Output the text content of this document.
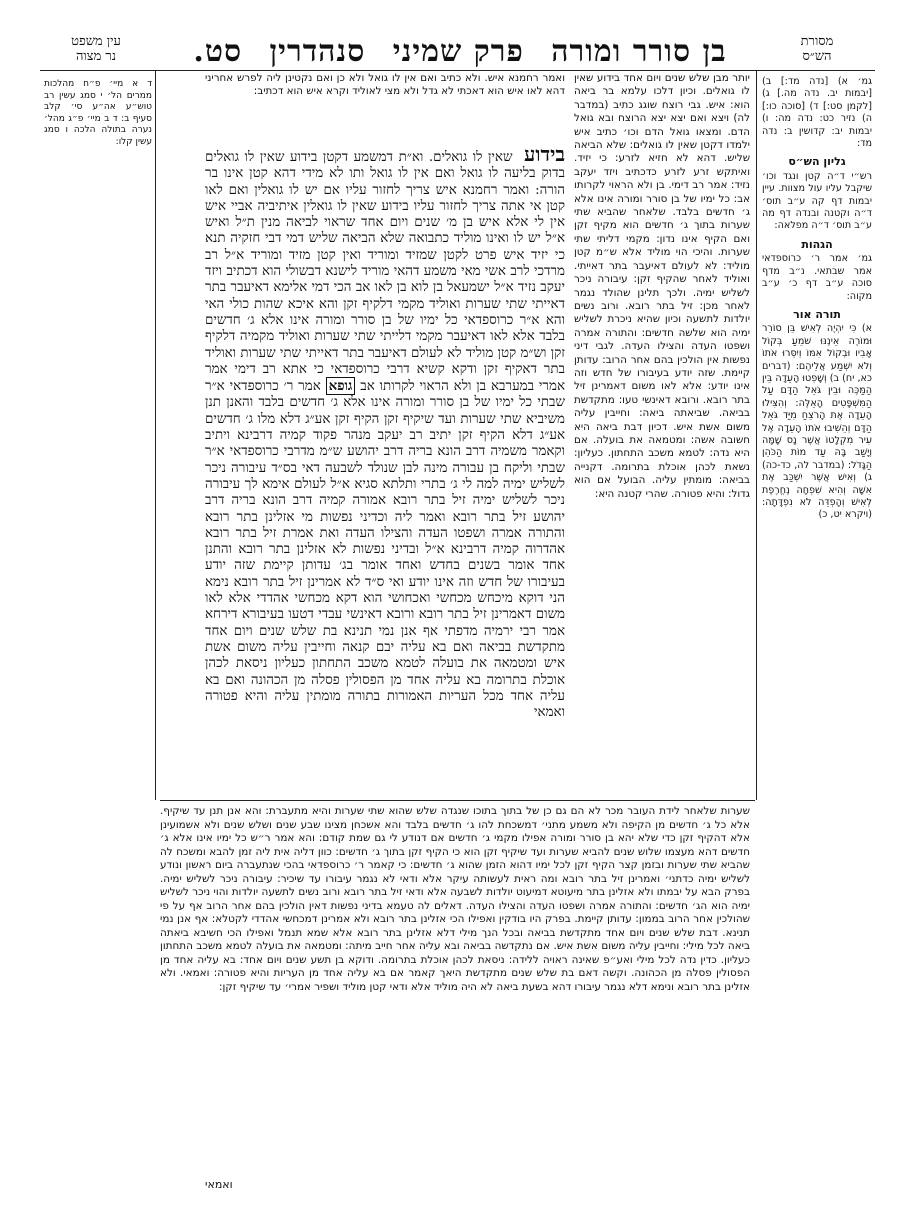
מסורת
הש״ס
בן סורר ומורה פרק שמיני סנהדרין סט.
עין משפט
נר מצוה

ד א מיי׳ פ״ח מהלכות ממרים הל׳ י סמג עשין רב טוש״ע אה״ע סי׳ קלב סעיף ב: ד ב מיי׳ פ״ג מהל׳ נערה בתולה הלכה ו סמג עשין קלו:

גמ׳ א) [נדה מד:] ב) [יבמות יב. נדה מה.] ג) [לקמן סט:] ד) [סוכה כו:] ה) נזיר כט: נדה מה: ו) יבמות יב: קדושין ב: נדה מד:

גליון הש״ס

רש״י ד״ה קטן ונגד וכו׳ שיקבל עליו עול מצוות. עיין יבמות דף קה ע״ב תוס׳ ד״ה וקטנה ובנדה דף מה ע״ב תוס׳ ד״ה מפלאה:

הגהות

גמ׳ אמר ר׳ כרוספדאי אמר שבתאי. נ״ב מדף סוכה ע״ב דף כ׳ ע״ב מקוה:

תורה אור

א) כִּי יִהְיֶה לְאִישׁ בֵּן סוֹרֵר וּמוֹרֶה אֵינֶנּוּ שֹׁמֵעַ בְּקוֹל אָבִיו וּבְקוֹל אִמּוֹ וְיִסְּרוּ אֹתוֹ וְלֹא יִשְׁמַע אֲלֵיהֶם: (דברים כא, יח) ב) וְשָׁפְטוּ הָעֵדָה בֵּין הַמַּכֶּה וּבֵין גֹּאֵל הַדָּם עַל הַמִּשְׁפָּטִים הָאֵלֶּה: וְהִצִּילוּ הָעֵדָה אֶת הָרֹצֵחַ מִיַּד גֹּאֵל הַדָּם וְהֵשִׁיבוּ אֹתוֹ הָעֵדָה אֶל עִיר מִקְלָטוֹ אֲשֶׁר נָס שָׁמָּה וְיָשַׁב בָּהּ עַד מוֹת הַכֹּהֵן הַגָּדֹל: (במדבר לה, כד-כה) ג) וְאִישׁ אֲשֶׁר יִשְׁכַּב אֶת אִשָּׁה וְהִיא שִׁפְחָה נֶחֱרֶפֶת לְאִישׁ וְהָפְדֵּה לֹא נִפְדָּתָה: (ויקרא יט, כ)

יותר מבן שלש שנים ויום אחד בידוע שאין לו גואלים. וכיון דלכו עלמא בר ביאה הוא: איש. גבי רוצח שוגג כתיב (במדבר לה) ויצא ואם יצא יצא הרוצח ובא גואל הדם. ומצאו גואל הדם וכו׳ כתיב איש ילמדו דקטן שאין לו גואלים: שלא הביאה שליש. דהא לא חזיא לזרע: כי יזיד. ואיתקש זרע לזרע כדכתיב ויזד יעקב נזיד: אמר רב דימי. בן ולא הראוי לקרותו אב: כל ימיו של בן סורר ומורה אינו אלא ג׳ חדשים בלבד. שלאחר שהביא שתי שערות בתוך ג׳ חדשים הוא מקיף זקן ואם הקיף אינו נדון: מקמי דליתי שתי שערות. והיכי הוי מוליד אלא ש״מ קטן מוליד: לא לעולם דאיעבר בתר דאייתי. ואוליד לאחר שהקיף זקן: עיבורה ניכר לשליש ימיה. ולכך תלינן שהולד נגמר לאחר מכן: זיל בתר רובא. ורוב נשים יולדות לתשעה וכיון שהיא ניכרת לשליש ימיה הוא שלשה חדשים: והתורה אמרה ושפטו העדה והצילו העדה. לגבי דיני נפשות אין הולכין בהם אחר הרוב: עדותן קיימת. שזה יודע בעיבורו של חדש וזה אינו יודע: אלא לאו משום דאמרינן זיל בתר רובא. ורובא דאינשי טעו: מתקדשת בביאה. שביאתה ביאה: וחייבין עליה משום אשת איש. דכיון דבת ביאה היא חשובה אשה: ומטמאה את בועלה. אם היא נדה: לטמא משכב התחתון. כעליון: נשאת לכהן אוכלת בתרומה. דקנייה בביאה: מומתין עליה. הבועל אם הוא גדול: והיא פטורה. שהרי קטנה היא:

ואמר רחמנא איש. ולא כתיב ואם אין לו גואל ולא כן ואם נקטינן ליה לפרש אחריני דהא לאו איש הוא דאכתי לא גדל ולא מצי לאוליד וקרא איש הוא דכתיב:

בידוע שאין לו גואלים. וא״ת דמשמע דקטן בידוע שאין לו גואלים בדוק בליעה לו גואל ואם אין לו גואל ותו לא מידי דהא קטן אינו בר הורה: ואמר רחמנא איש צריך לחזור עליו אם יש לו גואלין ואם לאו קטן אי אתה צריך לחזור עליו בידוע שאין לו גואלין איתיביה אביי איש אין לי אלא איש בן מ׳ שנים ויום אחד שראוי לביאה מנין ת״ל ואיש א״ל יש לו ואינו מוליד כתבואה שלא הביאה שליש דמי דבי חזקיה תנא כי יזיד איש פרט לקטן שמזיד ומוריד ואין קטן מזיד ומוריד א״ל רב מרדכי לרב אשי מאי משמע דהאי מוריד לישנא דבשולי הוא דכתיב ויזד יעקב נזיד א״ל ישמעאל בן לוא בן לאו אב הכי דמי אלימא דאיעבר בתר דאייתי שתי שערות ואוליד מקמי דלקיף זקן והא איכא שהות כולי האי והא א״ר כרוספדאי כל ימיו של בן סורר ומורה אינו אלא ג׳ חדשים בלבד אלא לאו דאיעבר מקמי דלייתי שתי שערות ואוליד מקמיה דלקיף זקן וש״מ קטן מוליד לא לעולם דאיעבר בתר דאייתי שתי שערות ואוליד בתר דאקיף זקן ודקא קשיא דרבי כרוספדאי כי אתא רב דימי אמר אמרי במערבא בן ולא הראוי לקרותו אב גופא אמר ר׳ כרוספדאי א״ר שבתי כל ימיו של בן סורר ומורה אינו אלא ג׳ חדשים בלבד והאנן תנן משיביא שתי שערות ועד שיקיף זקן הקיף זקן אע״ג דלא מלו ג׳ חדשים אע״ג דלא הקיף זקן יתיב רב יעקב מנהר פקוד קמיה דרבינא ויתיב וקאמר משמיה דרב הונא בריה דרב יהושע ש״מ מדרבי כרוספדאי א״ר שבתי וליקח בן עבורה מינה לבן שנולד לשבעה דאי בס״ד עיבורה ניכר לשליש ימיה למה לי ג׳ בתרי ותלתא סגיא א״ל לעולם אימא לך עיבורה ניכר לשליש ימיה זיל בתר רובא אמורה קמיה דרב הונא בריה דרב יהושע זיל בתר רובא ואמר ליה וכדיני נפשות מי אזלינן בתר רובא והתורה אמרה ושפטו העדה והצילו העדה ואת אמרת זיל בתר רובא אהדרוה קמיה דרבינא א״ל ובדיני נפשות לא אזלינן בתר רובא והתנן אחד אומר בשנים בחדש ואחד אומר בג׳ עדותן קיימת שזה יודע בעיבורו של חדש וזה אינו יודע ואי ס״ד לא אמרינן זיל בתר רובא נימא הני דוקא מיכחש מכחשי ואכחושי הוא דקא מכחשי אהדדי אלא לאו משום דאמרינן זיל בתר רובא ורובא דאינשי עבדי דטעו בעיבורא דירחא אמר רבי ירמיה מדפתי אף אנן נמי תנינא בת שלש שנים ויום אחד מתקדשת בביאה ואם בא עליה יבם קנאה וחייבין עליה משום אשת איש ומטמאה את בועלה לטמא משכב התחתון כעליון ניסאת לכהן אוכלת בתרומה בא עליה אחד מן הפסולין פסלה מן הכהונה ואם בא עליה אחד מכל העריות האמורות בתורה מומתין עליה והיא פטורה ואמאי

שערות שלאחר לידת העובר מכר לא הם גם כן של בתוך בתוכו שנגדה שלש שהוא שתי שערות והיא מתעברת: והא אנן תנן עד שיקיף. אלא כל ג׳ חדשים מן הקיפה ולא משמע מתני׳ דמשכחת להו ג׳ חדשים בלבד והא אשכחן מצינו שבע שנים ושלש שנים ולא אשמועינן אלא דהקיף זקן כדי שלא יהא בן סורר ומורה אפילו מקמי ג׳ חדשים אם דנודע לי גם שמת קודם: והא אמר ר״ש כל ימיו אינו אלא ג׳ חדשים דהא מעצמו שלוש שנים להביא שערות ועד שיקיף זקן הוא כי הקיף זקן בתוך ג׳ חדשים: כוון דליה אית ליה זמן להבא ומשכח לה שהביא שתי שערות ובזמן קצר הקיף זקן לכל ימיו דהוא הזמן שהוא ג׳ חדשים: כי קאמר ר׳ כרוספדאי בהכי שנתעברה ביום ראשון ונודע לשליש ימיה כדתני׳ ואמרינן זיל בתר רובא ומה ראית לעשותה עיקר אלא ודאי לא נגמר עיבורו עד שיכיר: עיבורה ניכר לשליש ימיה. בפרק הבא על יבמתו ולא אזלינן בתר מיעוטא דמיעוט יולדות לשבעה אלא ודאי זיל בתר רובא ורוב נשים לתשעה יולדות והוי ניכר לשליש ימיה הוא הג׳ חדשים: והתורה אמרה ושפטו העדה והצילו העדה. דאלים לה טעמא בדיני נפשות דאין הולכין בהם אחר הרוב אף על פי שהולכין אחר הרוב בממון: עדותן קיימת. בפרק היו בודקין ואפילו הכי אזלינן בתר רובא ולא אמרינן דמכחשי אהדדי לקטלא: אף אנן נמי תנינא. דבת שלש שנים ויום אחד מתקדשת בביאה ובכל הנך מילי דלא אזלינן בתר רובא אלא שמא תנמל ואפילו הכי חשיבא ביאתה ביאה לכל מילי: וחייבין עליה משום אשת איש. אם נתקדשה בביאה ובא עליה אחר חייב מיתה: ומטמאה את בועלה לטמא משכב התחתון כעליון. כדין נדה לכל מילי ואע״פ שאינה ראויה ללידה: ניסאת לכהן אוכלת בתרומה. ודוקא בן תשע שנים ויום אחד: בא עליה אחד מן הפסולין פסלה מן הכהונה. וקשה דאם בת שלש שנים מתקדשת היאך קאמר אם בא עליה אחד מן העריות והיא פטורה: ואמאי. ולא אזלינן בתר רובא ונימא דלא נגמר עיבורו דהא בשעת ביאה לא היה מוליד אלא ודאי קטן מוליד ושפיר אמרי׳ עד שיקיף זקן:

ואמאי
